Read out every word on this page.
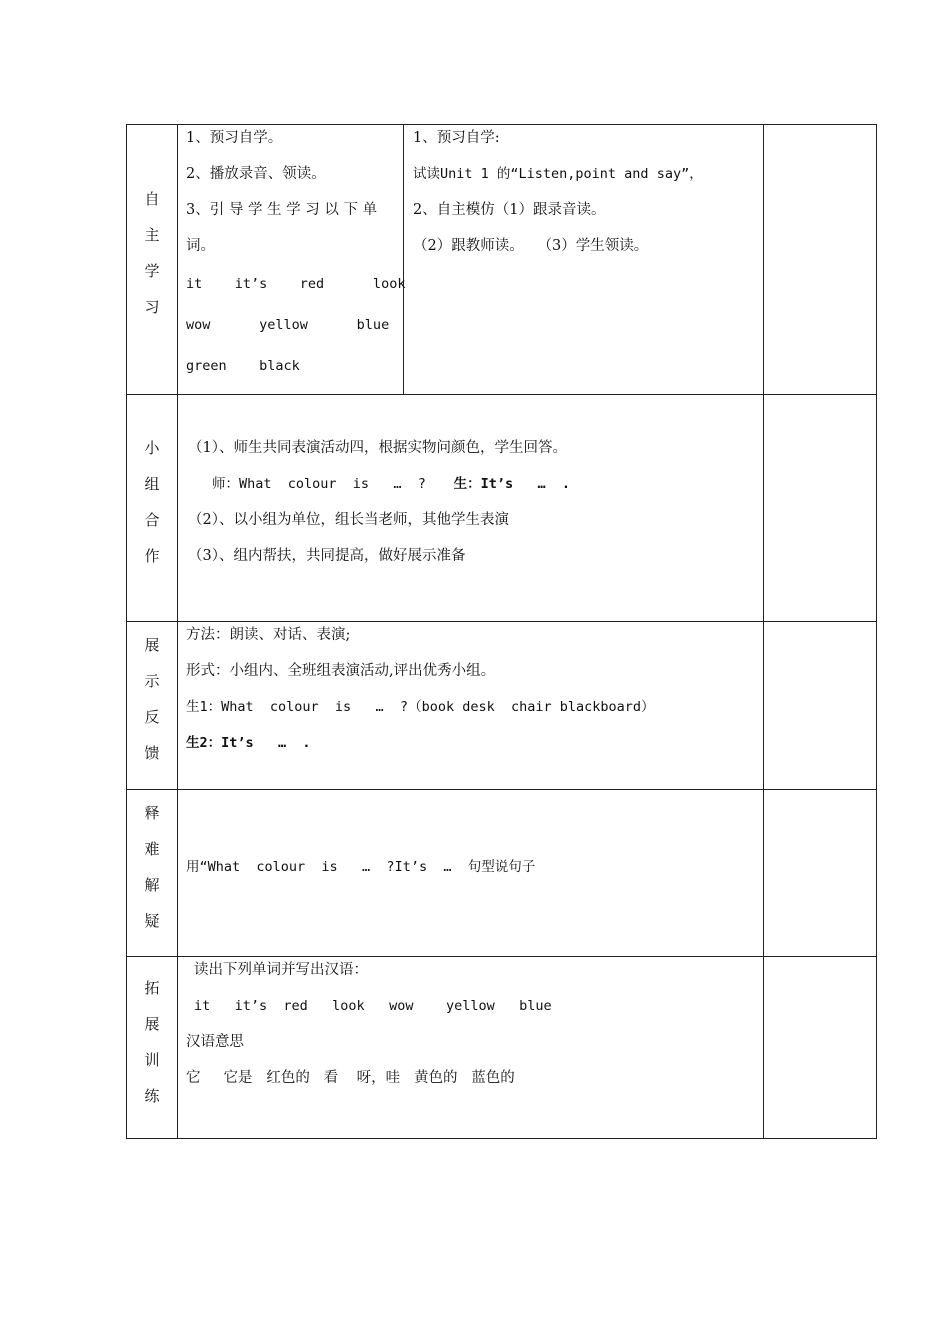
自
主
学
习
1、预习自学。
2、播放录音、领读。
3、引 导 学 生 学 习 以 下 单
词。
it    it’s    red      look
wow      yellow      blue
green    black
1、预习自学:
试读Unit 1 的“Listen,point and say”，
2、自主模仿（1）跟录音读。
（2）跟教师读。   （3）学生领读。
小
组
合
作
（1）、师生共同表演活动四，根据实物问颜色，学生回答。
师：What  colour  is   …  ? 生：It’s   …  .
（2）、以小组为单位，组长当老师，其他学生表演
（3）、组内帮扶，共同提高，做好展示准备
展
示
反
馈
方法：朗读、对话、表演;
形式：小组内、全班组表演活动,评出优秀小组。
生1：What  colour  is   …  ?（book desk  chair blackboard）
生2：It’s   …  .
释
难
解
疑
用“What  colour  is   …  ?It’s  …  句型说句子
拓
展
训
练
读出下列单词并写出汉语：
it   it’s  red   look   wow    yellow   blue
汉语意思
它     它是   红色的   看    呀，哇   黄色的   蓝色的
